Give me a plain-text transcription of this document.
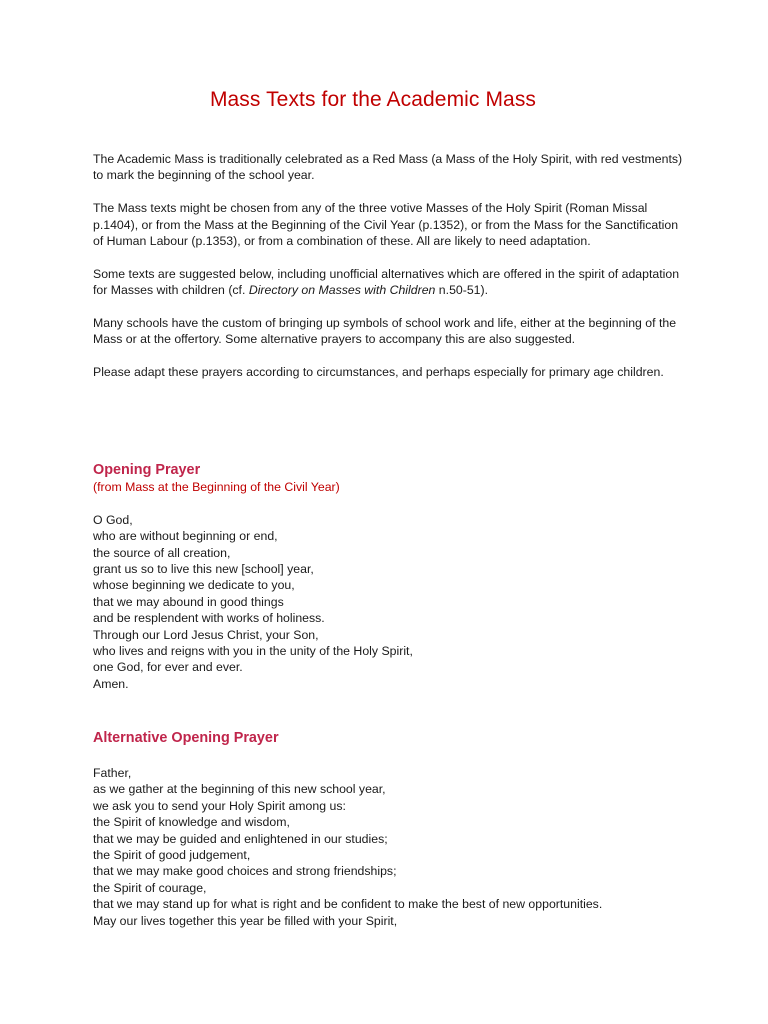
Mass Texts for the Academic Mass

The Academic Mass is traditionally celebrated as a Red Mass (a Mass of the Holy Spirit, with red vestments) to mark the beginning of the school year.

The Mass texts might be chosen from any of the three votive Masses of the Holy Spirit (Roman Missal p.1404), or from the Mass at the Beginning of the Civil Year (p.1352), or from the Mass for the Sanctification of Human Labour (p.1353), or from a combination of these. All are likely to need adaptation.

Some texts are suggested below, including unofficial alternatives which are offered in the spirit of adaptation for Masses with children (cf. Directory on Masses with Children n.50-51).

Many schools have the custom of bringing up symbols of school work and life, either at the beginning of the Mass or at the offertory. Some alternative prayers to accompany this are also suggested.

Please adapt these prayers according to circumstances, and perhaps especially for primary age children.

Opening Prayer

(from Mass at the Beginning of the Civil Year)

O God,
who are without beginning or end,
the source of all creation,
grant us so to live this new [school] year,
whose beginning we dedicate to you,
that we may abound in good things
and be resplendent with works of holiness.
Through our Lord Jesus Christ, your Son,
who lives and reigns with you in the unity of the Holy Spirit,
one God, for ever and ever.
Amen.

Alternative Opening Prayer

Father,
as we gather at the beginning of this new school year,
we ask you to send your Holy Spirit among us:
the Spirit of knowledge and wisdom,
that we may be guided and enlightened in our studies;
the Spirit of good judgement,
that we may make good choices and strong friendships;
the Spirit of courage,
that we may stand up for what is right and be confident to make the best of new opportunities.
May our lives together this year be filled with your Spirit,
